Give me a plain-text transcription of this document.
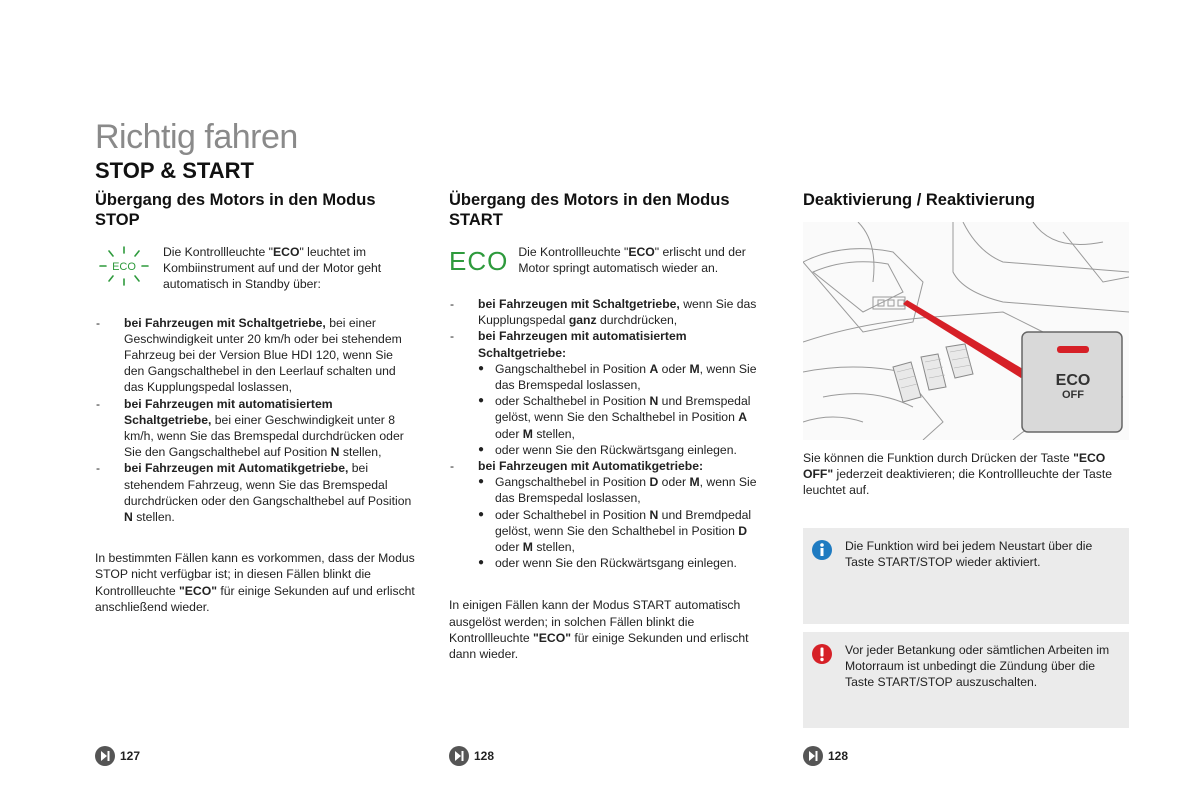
Richtig fahren
STOP & START
Übergang des Motors in den Modus STOP
ECO

Die Kontrollleuchte "ECO" leuchtet im Kombiinstrument auf und der Motor geht automatisch in Standby über:

- bei Fahrzeugen mit Schaltgetriebe, bei einer Geschwindigkeit unter 20 km/h oder bei stehendem Fahrzeug bei der Version Blue HDI 120, wenn Sie den Gangschalthebel in den Leerlauf schalten und das Kupplungspedal loslassen,
- bei Fahrzeugen mit automatisiertem Schaltgetriebe, bei einer Geschwindigkeit unter 8 km/h, wenn Sie das Bremspedal durchdrücken oder Sie den Gangschalthebel auf Position N stellen,
- bei Fahrzeugen mit Automatikgetriebe, bei stehendem Fahrzeug, wenn Sie das Bremspedal durchdrücken oder den Gangschalthebel auf Position N stellen.

In bestimmten Fällen kann es vorkommen, dass der Modus STOP nicht verfügbar ist; in diesen Fällen blinkt die Kontrollleuchte "ECO" für einige Sekunden auf und erlischt anschließend wieder.

Übergang des Motors in den Modus START
ECO Die Kontrollleuchte "ECO" erlischt und der Motor springt automatisch wieder an.

- bei Fahrzeugen mit Schaltgetriebe, wenn Sie das Kupplungspedal ganz durchdrücken,
- bei Fahrzeugen mit automatisiertem Schaltgetriebe:
● Gangschalthebel in Position A oder M, wenn Sie das Bremspedal loslassen,
● oder Schalthebel in Position N und Bremspedal gelöst, wenn Sie den Schalthebel in Position A oder M stellen,
● oder wenn Sie den Rückwärtsgang einlegen.
- bei Fahrzeugen mit Automatikgetriebe:
● Gangschalthebel in Position D oder M, wenn Sie das Bremspedal loslassen,
● oder Schalthebel in Position N und Bremdpedal gelöst, wenn Sie den Schalthebel in Position D oder M stellen,
● oder wenn Sie den Rückwärtsgang einlegen.

In einigen Fällen kann der Modus START automatisch ausgelöst werden; in solchen Fällen blinkt die Kontrollleuchte "ECO" für einige Sekunden und erlischt dann wieder.

Deaktivierung / Reaktivierung
ECO
OFF

Sie können die Funktion durch Drücken der Taste "ECO OFF" jederzeit deaktivieren; die Kontrollleuchte der Taste leuchtet auf.

Die Funktion wird bei jedem Neustart über die Taste START/STOP wieder aktiviert.

Vor jeder Betankung oder sämtlichen Arbeiten im Motorraum ist unbedingt die Zündung über die Taste START/STOP auszuschalten.

127	128	128
